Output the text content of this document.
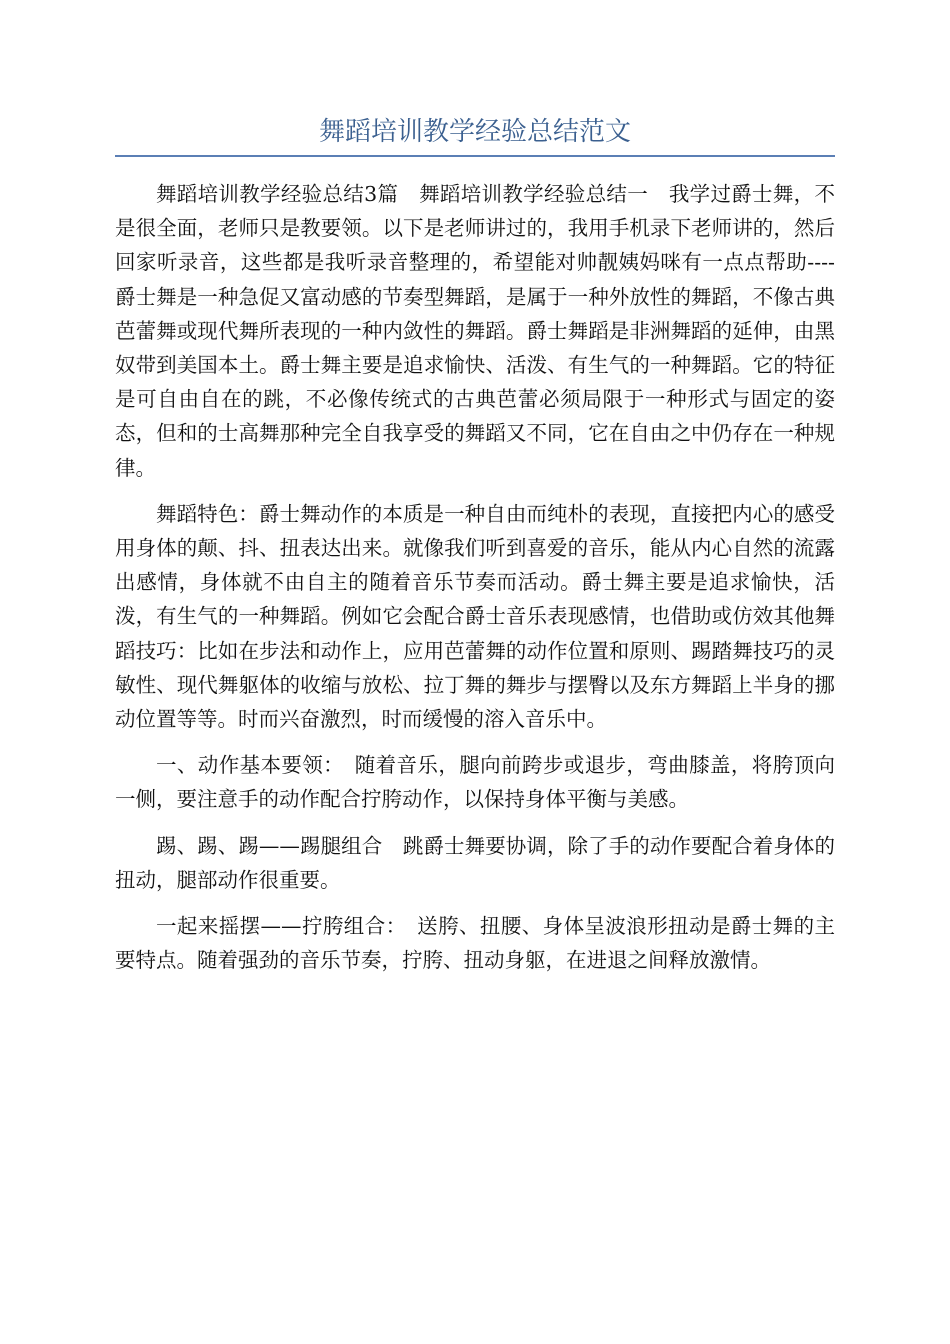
舞蹈培训教学经验总结范文

舞蹈培训教学经验总结3篇　舞蹈培训教学经验总结一　我学过爵士舞，不是很全面，老师只是教要领。以下是老师讲过的，我用手机录下老师讲的，然后回家听录音，这些都是我听录音整理的，希望能对帅靓姨妈咪有一点点帮助----　爵士舞是一种急促又富动感的节奏型舞蹈，是属于一种外放性的舞蹈，不像古典芭蕾舞或现代舞所表现的一种内敛性的舞蹈。爵士舞蹈是非洲舞蹈的延伸，由黑奴带到美国本土。爵士舞主要是追求愉快、活泼、有生气的一种舞蹈。它的特征是可自由自在的跳，不必像传统式的古典芭蕾必须局限于一种形式与固定的姿态，但和的士高舞那种完全自我享受的舞蹈又不同，它在自由之中仍存在一种规律。

舞蹈特色：爵士舞动作的本质是一种自由而纯朴的表现，直接把内心的感受用身体的颠、抖、扭表达出来。就像我们听到喜爱的音乐，能从内心自然的流露出感情，身体就不由自主的随着音乐节奏而活动。爵士舞主要是追求愉快，活泼，有生气的一种舞蹈。例如它会配合爵士音乐表现感情，也借助或仿效其他舞蹈技巧：比如在步法和动作上，应用芭蕾舞的动作位置和原则、踢踏舞技巧的灵敏性、现代舞躯体的收缩与放松、拉丁舞的舞步与摆臀以及东方舞蹈上半身的挪动位置等等。时而兴奋激烈，时而缓慢的溶入音乐中。

一、动作基本要领：　随着音乐，腿向前跨步或退步，弯曲膝盖，将胯顶向一侧，要注意手的动作配合拧胯动作，以保持身体平衡与美感。

踢、踢、踢——踢腿组合　跳爵士舞要协调，除了手的动作要配合着身体的扭动，腿部动作很重要。

一起来摇摆——拧胯组合：　送胯、扭腰、身体呈波浪形扭动是爵士舞的主要特点。随着强劲的音乐节奏，拧胯、扭动身躯，在进退之间释放激情。
